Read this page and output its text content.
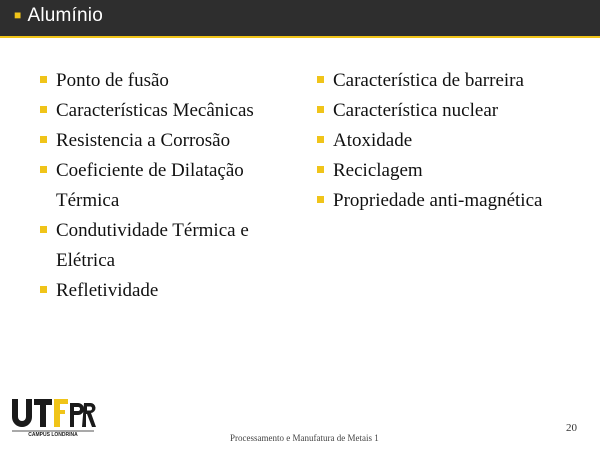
■ Alumínio
Ponto de fusão
Características Mecânicas
Resistencia a Corrosão
Coeficiente de Dilatação Térmica
Condutividade Térmica e Elétrica
Refletividade
Característica de barreira
Característica nuclear
Atoxidade
Reciclagem
Propriedade anti-magnética
CAMPUS LONDRINA	Processamento e Manufatura de Metais 1
20
